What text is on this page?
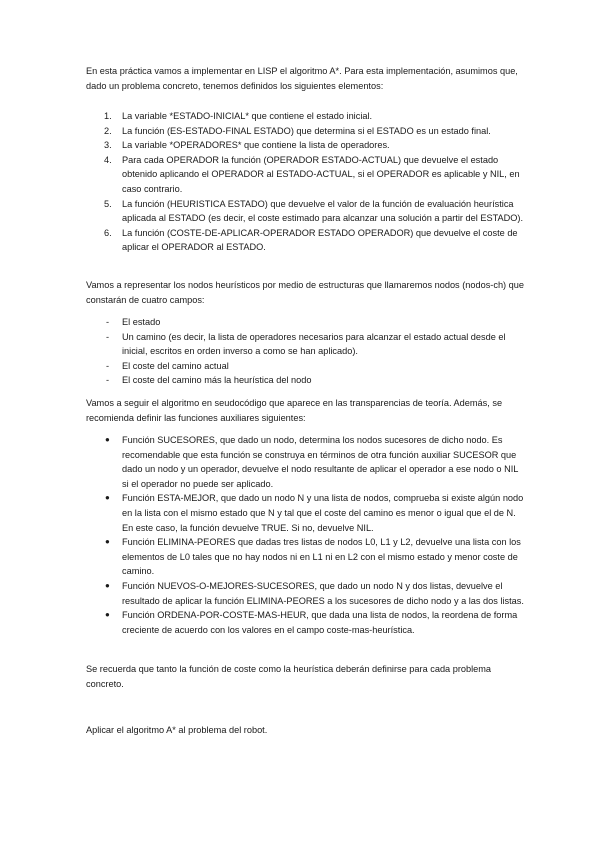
En esta práctica vamos a implementar en LISP el algoritmo A*. Para esta implementación, asumimos que, dado un problema concreto, tenemos definidos los siguientes elementos:

1. La variable *ESTADO-INICIAL* que contiene el estado inicial.
2. La función (ES-ESTADO-FINAL ESTADO) que determina si el ESTADO es un estado final.
3. La variable *OPERADORES* que contiene la lista de operadores.
4. Para cada OPERADOR la función (OPERADOR ESTADO-ACTUAL) que devuelve el estado obtenido aplicando el OPERADOR al ESTADO-ACTUAL, si el OPERADOR es aplicable y NIL, en caso contrario.
5. La función (HEURISTICA ESTADO) que devuelve el valor de la función de evaluación heurística aplicada al ESTADO (es decir, el coste estimado para alcanzar una solución a partir del ESTADO).
6. La función (COSTE-DE-APLICAR-OPERADOR ESTADO OPERADOR) que devuelve el coste de aplicar el OPERADOR al ESTADO.

Vamos a representar los nodos heurísticos por medio de estructuras que llamaremos nodos (nodos-ch) que constarán de cuatro campos:

- El estado
- Un camino (es decir, la lista de operadores necesarios para alcanzar el estado actual desde el inicial, escritos en orden inverso a como se han aplicado).
- El coste del camino actual
- El coste del camino más la heurística del nodo

Vamos a seguir el algoritmo en seudocódigo que aparece en las transparencias de teoría. Además, se recomienda definir las funciones auxiliares siguientes:

● Función SUCESORES, que dado un nodo, determina los nodos sucesores de dicho nodo. Es recomendable que esta función se construya en términos de otra función auxiliar SUCESOR que dado un nodo y un operador, devuelve el nodo resultante de aplicar el operador a ese nodo o NIL si el operador no puede ser aplicado.
● Función ESTA-MEJOR, que dado un nodo N y una lista de nodos, comprueba si existe algún nodo en la lista con el mismo estado que N y tal que el coste del camino es menor o igual que el de N. En este caso, la función devuelve TRUE. Si no, devuelve NIL.
● Función ELIMINA-PEORES que dadas tres listas de nodos L0, L1 y L2, devuelve una lista con los elementos de L0 tales que no hay nodos ni en L1 ni en L2 con el mismo estado y menor coste de camino.
● Función NUEVOS-O-MEJORES-SUCESORES, que dado un nodo N y dos listas, devuelve el resultado de aplicar la función ELIMINA-PEORES a los sucesores de dicho nodo y a las dos listas.
● Función ORDENA-POR-COSTE-MAS-HEUR, que dada una lista de nodos, la reordena de forma creciente de acuerdo con los valores en el campo coste-mas-heurística.

Se recuerda que tanto la función de coste como la heurística deberán definirse para cada problema concreto.

Aplicar el algoritmo A* al problema del robot.
